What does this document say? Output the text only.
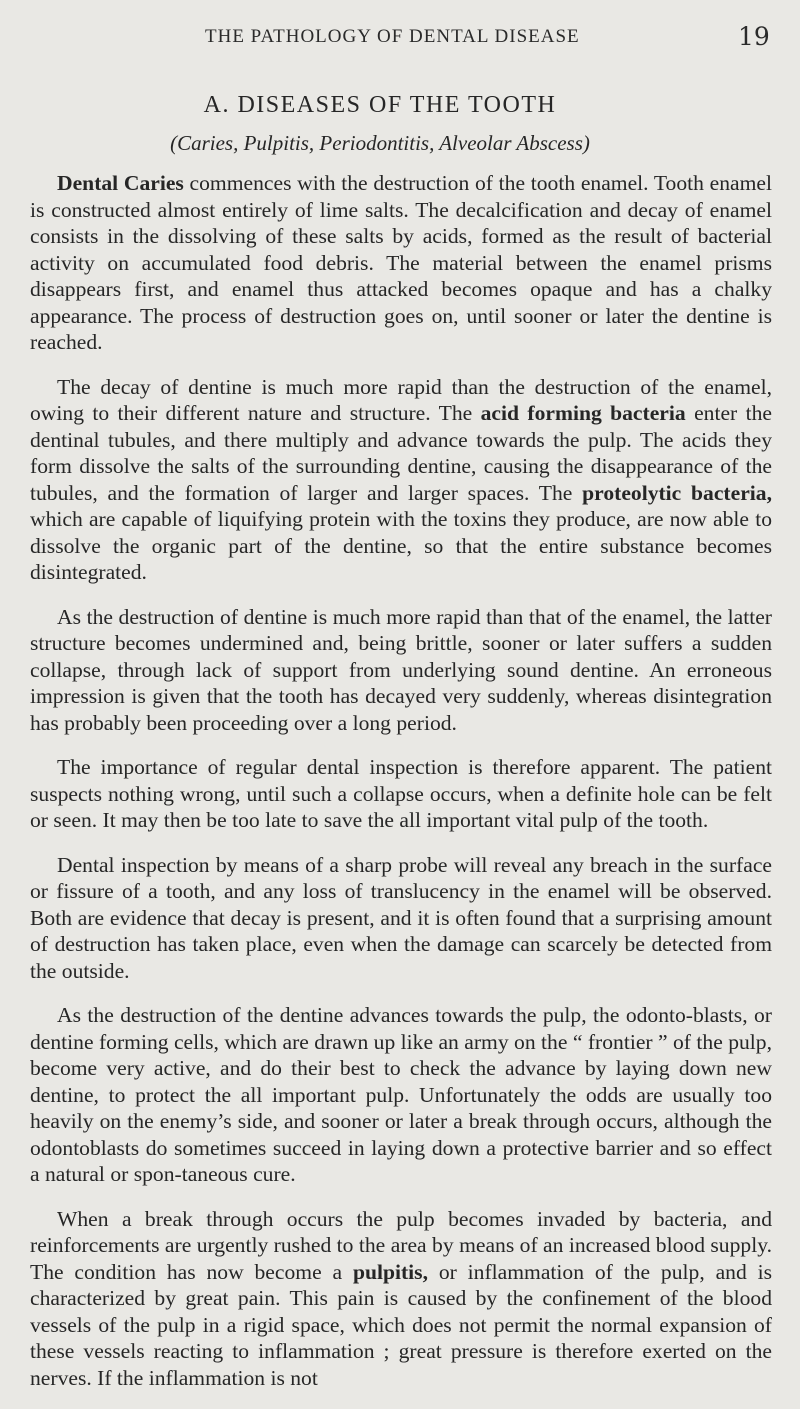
THE PATHOLOGY OF DENTAL DISEASE	19
A. DISEASES OF THE TOOTH
(Caries, Pulpitis, Periodontitis, Alveolar Abscess)

Dental Caries commences with the destruction of the tooth enamel. Tooth enamel is constructed almost entirely of lime salts. The decalcification and decay of enamel consists in the dissolving of these salts by acids, formed as the result of bacterial activity on accumulated food debris. The material between the enamel prisms disappears first, and enamel thus attacked becomes opaque and has a chalky appearance. The process of destruction goes on, until sooner or later the dentine is reached.

The decay of dentine is much more rapid than the destruction of the enamel, owing to their different nature and structure. The acid forming bacteria enter the dentinal tubules, and there multiply and advance towards the pulp. The acids they form dissolve the salts of the surrounding dentine, causing the disappearance of the tubules, and the formation of larger and larger spaces. The proteolytic bacteria, which are capable of liquifying protein with the toxins they produce, are now able to dissolve the organic part of the dentine, so that the entire substance becomes disintegrated.

As the destruction of dentine is much more rapid than that of the enamel, the latter structure becomes undermined and, being brittle, sooner or later suffers a sudden collapse, through lack of support from underlying sound dentine. An erroneous impression is given that the tooth has decayed very suddenly, whereas disintegration has probably been proceeding over a long period.

The importance of regular dental inspection is therefore apparent. The patient suspects nothing wrong, until such a collapse occurs, when a definite hole can be felt or seen. It may then be too late to save the all important vital pulp of the tooth.

Dental inspection by means of a sharp probe will reveal any breach in the surface or fissure of a tooth, and any loss of translucency in the enamel will be observed. Both are evidence that decay is present, and it is often found that a surprising amount of destruction has taken place, even when the damage can scarcely be detected from the outside.

As the destruction of the dentine advances towards the pulp, the odonto-blasts, or dentine forming cells, which are drawn up like an army on the “ frontier ” of the pulp, become very active, and do their best to check the advance by laying down new dentine, to protect the all important pulp. Unfortunately the odds are usually too heavily on the enemy’s side, and sooner or later a break through occurs, although the odontoblasts do sometimes succeed in laying down a protective barrier and so effect a natural or spon-taneous cure.

When a break through occurs the pulp becomes invaded by bacteria, and reinforcements are urgently rushed to the area by means of an increased blood supply. The condition has now become a pulpitis, or inflammation of the pulp, and is characterized by great pain. This pain is caused by the confinement of the blood vessels of the pulp in a rigid space, which does not permit the normal expansion of these vessels reacting to inflammation ; great pressure is therefore exerted on the nerves. If the inflammation is not
